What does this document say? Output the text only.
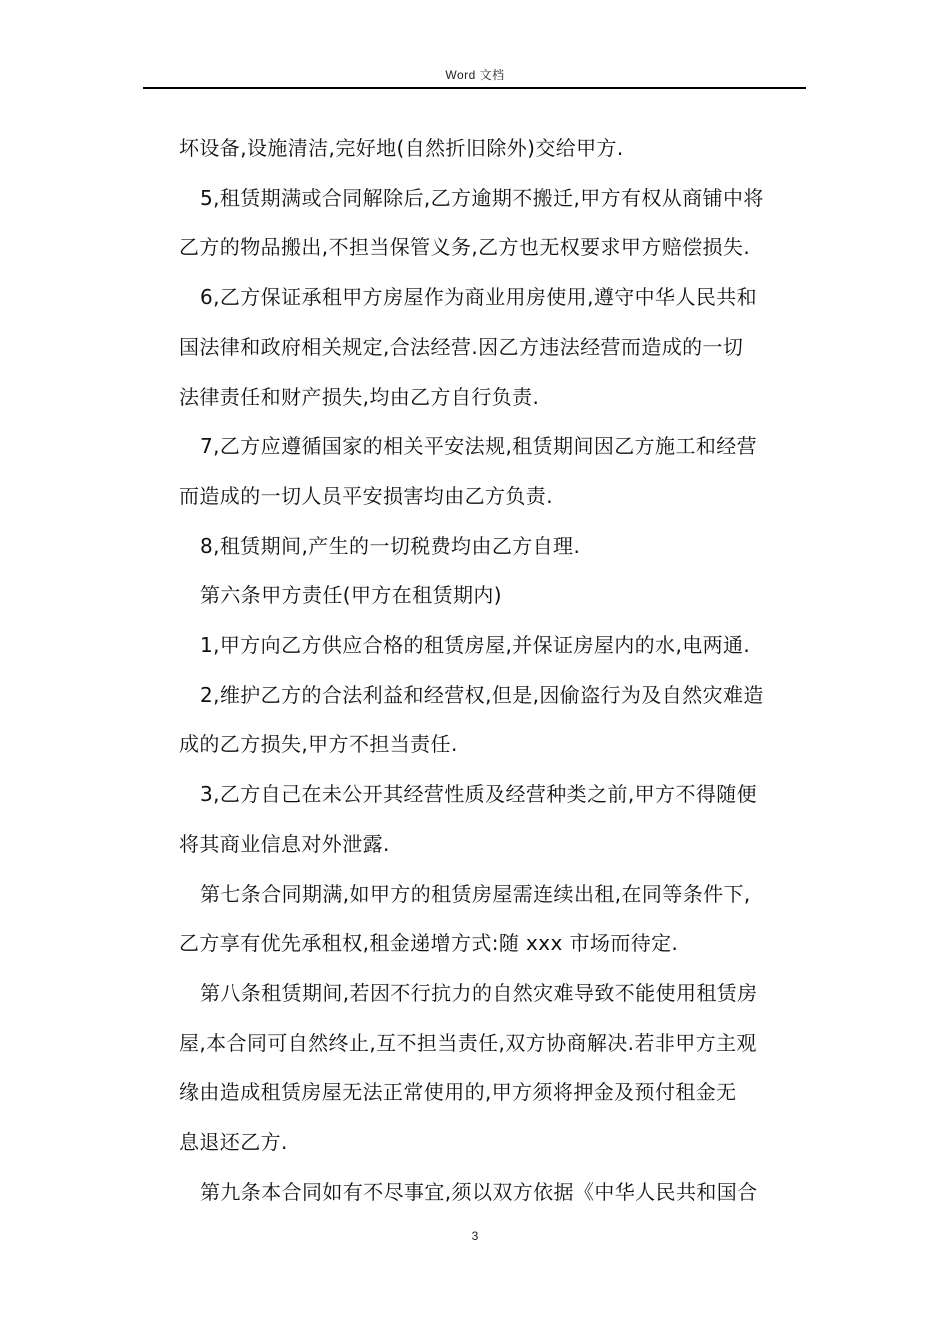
Word 文档
坏设备,设施清洁,完好地(自然折旧除外)交给甲方.
5,租赁期满或合同解除后,乙方逾期不搬迁,甲方有权从商铺中将
乙方的物品搬出,不担当保管义务,乙方也无权要求甲方赔偿损失.
6,乙方保证承租甲方房屋作为商业用房使用,遵守中华人民共和
国法律和政府相关规定,合法经营.因乙方违法经营而造成的一切
法律责任和财产损失,均由乙方自行负责.
7,乙方应遵循国家的相关平安法规,租赁期间因乙方施工和经营
而造成的一切人员平安损害均由乙方负责.
8,租赁期间,产生的一切税费均由乙方自理.
第六条甲方责任(甲方在租赁期内)
1,甲方向乙方供应合格的租赁房屋,并保证房屋内的水,电两通.
2,维护乙方的合法利益和经营权,但是,因偷盗行为及自然灾难造
成的乙方损失,甲方不担当责任.
3,乙方自己在未公开其经营性质及经营种类之前,甲方不得随便
将其商业信息对外泄露.
第七条合同期满,如甲方的租赁房屋需连续出租,在同等条件下,
乙方享有优先承租权,租金递增方式:随 xxx 市场而待定.
第八条租赁期间,若因不行抗力的自然灾难导致不能使用租赁房
屋,本合同可自然终止,互不担当责任,双方协商解决.若非甲方主观
缘由造成租赁房屋无法正常使用的,甲方须将押金及预付租金无
息退还乙方.
第九条本合同如有不尽事宜,须以双方依据《中华人民共和国合
3
